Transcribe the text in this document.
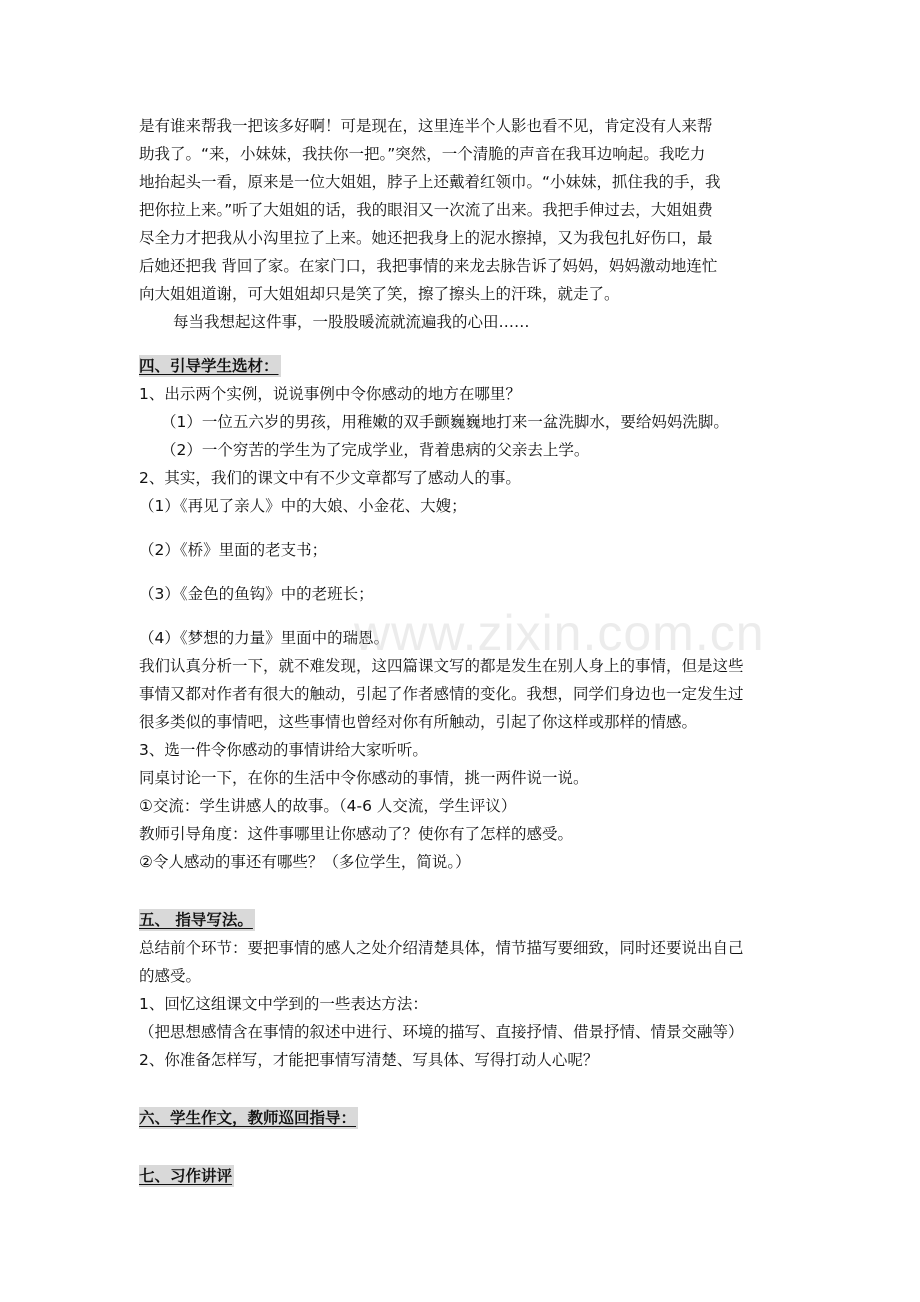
是有谁来帮我一把该多好啊！可是现在，这里连半个人影也看不见，肯定没有人来帮
助我了。“来，小妹妹，我扶你一把。”突然，一个清脆的声音在我耳边响起。我吃力
地抬起头一看，原来是一位大姐姐，脖子上还戴着红领巾。“小妹妹，抓住我的手，我
把你拉上来。”听了大姐姐的话，我的眼泪又一次流了出来。我把手伸过去，大姐姐费
尽全力才把我从小沟里拉了上来。她还把我身上的泥水擦掉，又为我包扎好伤口，最
后她还把我 背回了家。在家门口，我把事情的来龙去脉告诉了妈妈，妈妈激动地连忙
向大姐姐道谢，可大姐姐却只是笑了笑，擦了擦头上的汗珠，就走了。
每当我想起这件事，一股股暖流就流遍我的心田……
四、引导学生选材：
1、出示两个实例，说说事例中令你感动的地方在哪里？
（1）一位五六岁的男孩，用稚嫩的双手颤巍巍地打来一盆洗脚水，要给妈妈洗脚。
（2）一个穷苦的学生为了完成学业，背着患病的父亲去上学。
2、其实，我们的课文中有不少文章都写了感动人的事。
（1）《再见了亲人》中的大娘、小金花、大嫂；
（2）《桥》里面的老支书；
（3）《金色的鱼钩》中的老班长；
（4）《梦想的力量》里面中的瑞恩。
我们认真分析一下，就不难发现，这四篇课文写的都是发生在别人身上的事情，但是这些
事情又都对作者有很大的触动，引起了作者感情的变化。我想，同学们身边也一定发生过
很多类似的事情吧，这些事情也曾经对你有所触动，引起了你这样或那样的情感。
3、选一件令你感动的事情讲给大家听听。
同桌讨论一下，在你的生活中令你感动的事情，挑一两件说一说。
①交流：学生讲感人的故事。（4-6 人交流，学生评议）
教师引导角度：这件事哪里让你感动了？使你有了怎样的感受。
②令人感动的事还有哪些？（多位学生，简说。）
五、 指导写法。
总结前个环节：要把事情的感人之处介绍清楚具体，情节描写要细致，同时还要说出自己
的感受。
1、回忆这组课文中学到的一些表达方法：
（把思想感情含在事情的叙述中进行、环境的描写、直接抒情、借景抒情、情景交融等）
2、你准备怎样写，才能把事情写清楚、写具体、写得打动人心呢？
六、学生作文，教师巡回指导：
七、习作讲评
www.zixin.com.cn
